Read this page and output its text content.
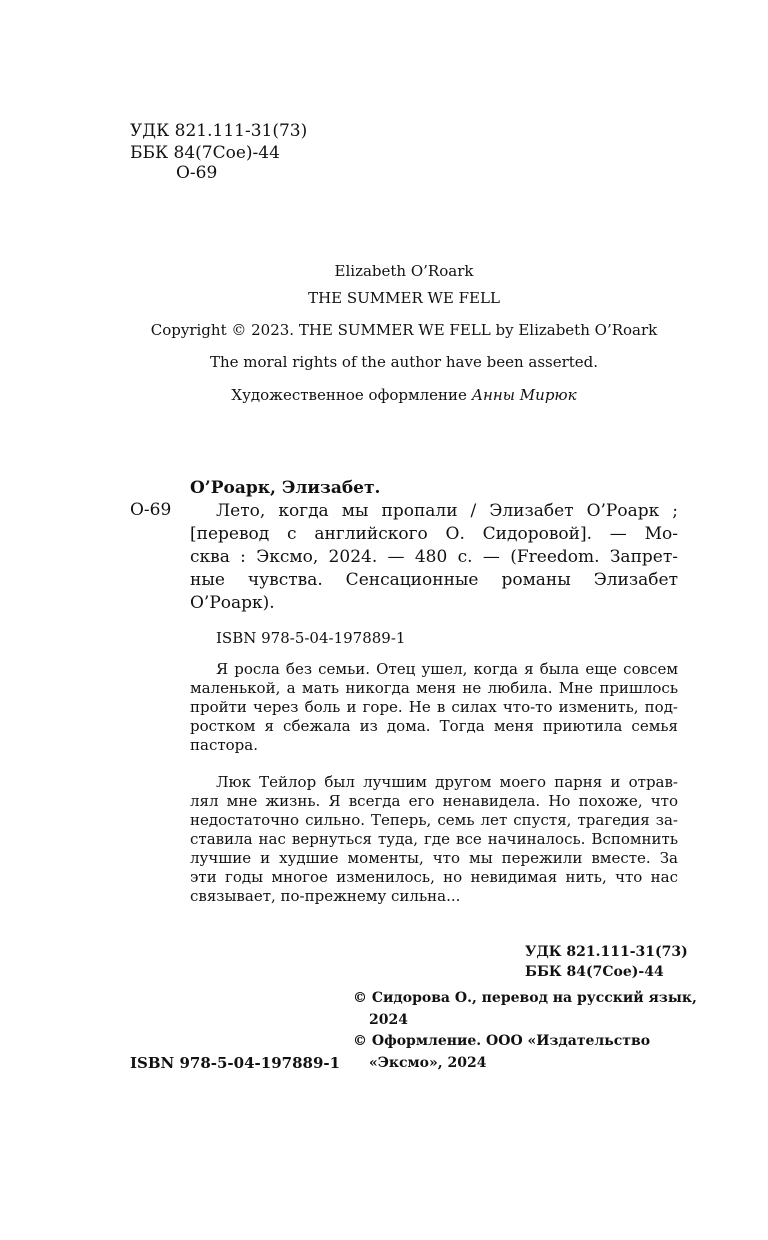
УДК 821.111-31(73)
ББК 84(7Сое)-44
О-69
Elizabeth O’Roark
THE SUMMER WE FELL
Copyright © 2023. THE SUMMER WE FELL by Elizabeth O’Roark
The moral rights of the author have been asserted.
Художественное оформление Анны Мирюк
О’Роарк, Элизабет.
О-69	Лето, когда мы пропали / Элизабет О’Роарк ;
[перевод с английского О. Сидоровой]. — Мо-
сква : Эксмо, 2024. — 480 с. — (Freedom. Запрет-
ные чувства. Сенсационные романы Элизабет
О’Роарк).
ISBN 978-5-04-197889-1
Я росла без семьи. Отец ушел, когда я была еще совсем
маленькой, а мать никогда меня не любила. Мне пришлось
пройти через боль и горе. Не в силах что-то изменить, под-
ростком я сбежала из дома. Тогда меня приютила семья
пастора.
Люк Тейлор был лучшим другом моего парня и отрав-
лял мне жизнь. Я всегда его ненавидела. Но похоже, что
недостаточно сильно. Теперь, семь лет спустя, трагедия за-
ставила нас вернуться туда, где все начиналось. Вспомнить
лучшие и худшие моменты, что мы пережили вместе. За
эти годы многое изменилось, но невидимая нить, что нас
связывает, по-прежнему сильна...
УДК 821.111-31(73)
ББК 84(7Сое)-44
© Сидорова О., перевод на русский язык,
2024
© Оформление. ООО «Издательство
«Эксмо», 2024
ISBN 978-5-04-197889-1
